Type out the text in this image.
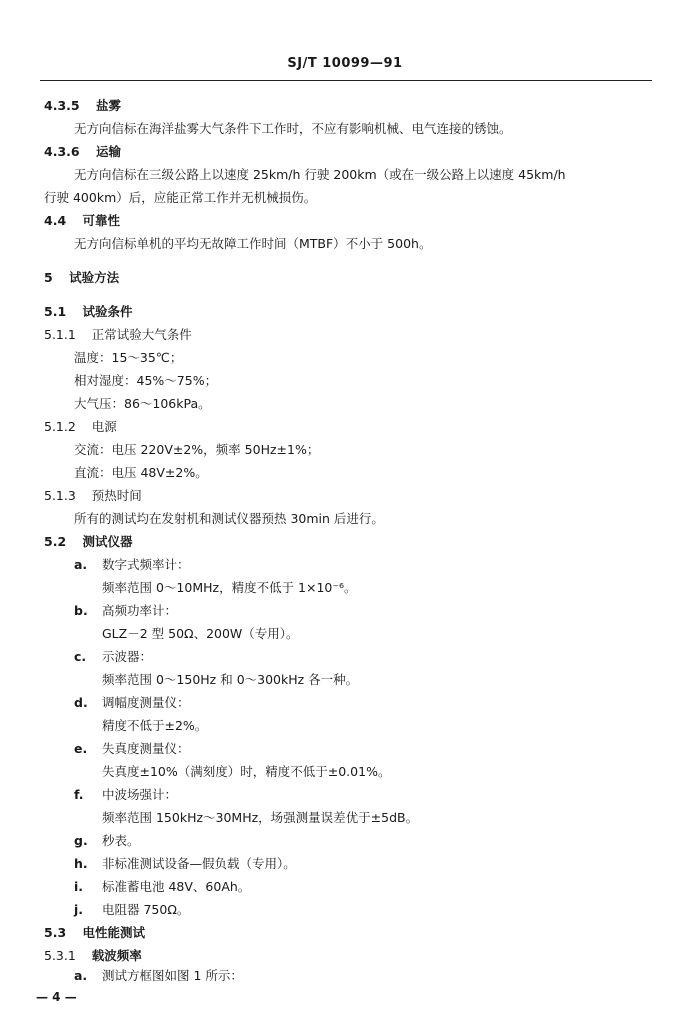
SJ/T 10099—91
4.3.5 盐雾
无方向信标在海洋盐雾大气条件下工作时，不应有影响机械、电气连接的锈蚀。
4.3.6 运输
无方向信标在三级公路上以速度 25km/h 行驶 200km（或在一级公路上以速度 45km/h
行驶 400km）后，应能正常工作并无机械损伤。
4.4 可靠性
无方向信标单机的平均无故障工作时间（MTBF）不小于 500h。
5 试验方法
5.1 试验条件
5.1.1 正常试验大气条件
温度：15～35℃；
相对湿度：45%～75%；
大气压：86～106kPa。
5.1.2 电源
交流：电压 220V±2%，频率 50Hz±1%；
直流：电压 48V±2%。
5.1.3 预热时间
所有的测试均在发射机和测试仪器预热 30min 后进行。
5.2 测试仪器
a. 数字式频率计：
频率范围 0～10MHz，精度不低于 1×10⁻⁶。
b. 高频功率计：
GLZ－2 型 50Ω、200W（专用）。
c. 示波器：
频率范围 0～150Hz 和 0～300kHz 各一种。
d. 调幅度测量仪：
精度不低于±2%。
e. 失真度测量仪：
失真度±10%（满刻度）时，精度不低于±0.01%。
f. 中波场强计：
频率范围 150kHz～30MHz，场强测量误差优于±5dB。
g. 秒表。
h. 非标准测试设备—假负载（专用）。
i. 标准蓄电池 48V、60Ah。
j. 电阻器 750Ω。
5.3 电性能测试
5.3.1 载波频率
a. 测试方框图如图 1 所示：
— 4 —
